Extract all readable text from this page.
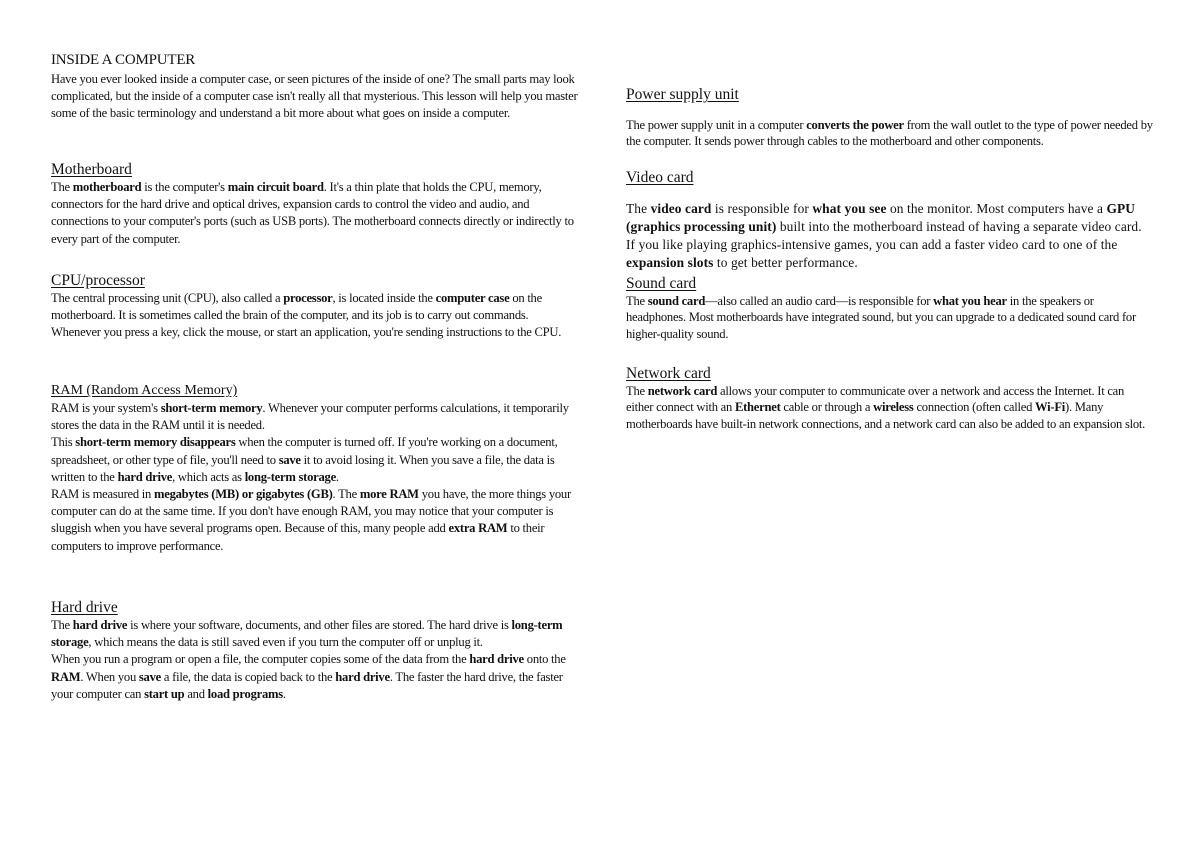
INSIDE A COMPUTER

Have you ever looked inside a computer case, or seen pictures of the inside of one? The small parts may look complicated, but the inside of a computer case isn't really all that mysterious. This lesson will help you master some of the basic terminology and understand a bit more about what goes on inside a computer.

Motherboard

The motherboard is the computer's main circuit board. It's a thin plate that holds the CPU, memory, connectors for the hard drive and optical drives, expansion cards to control the video and audio, and connections to your computer's ports (such as USB ports). The motherboard connects directly or indirectly to every part of the computer.

CPU/processor

The central processing unit (CPU), also called a processor, is located inside the computer case on the motherboard. It is sometimes called the brain of the computer, and its job is to carry out commands. Whenever you press a key, click the mouse, or start an application, you're sending instructions to the CPU.

RAM (Random Access Memory)

RAM is your system's short-term memory. Whenever your computer performs calculations, it temporarily stores the data in the RAM until it is needed.

This short-term memory disappears when the computer is turned off. If you're working on a document, spreadsheet, or other type of file, you'll need to save it to avoid losing it. When you save a file, the data is written to the hard drive, which acts as long-term storage.

RAM is measured in megabytes (MB) or gigabytes (GB). The more RAM you have, the more things your computer can do at the same time. If you don't have enough RAM, you may notice that your computer is sluggish when you have several programs open. Because of this, many people add extra RAM to their computers to improve performance.

Hard drive

The hard drive is where your software, documents, and other files are stored. The hard drive is long-term storage, which means the data is still saved even if you turn the computer off or unplug it.

When you run a program or open a file, the computer copies some of the data from the hard drive onto the RAM. When you save a file, the data is copied back to the hard drive. The faster the hard drive, the faster your computer can start up and load programs.

Power supply unit

The power supply unit in a computer converts the power from the wall outlet to the type of power needed by the computer. It sends power through cables to the motherboard and other components.

Video card

The video card is responsible for what you see on the monitor. Most computers have a GPU (graphics processing unit) built into the motherboard instead of having a separate video card. If you like playing graphics-intensive games, you can add a faster video card to one of the expansion slots to get better performance.

Sound card

The sound card—also called an audio card—is responsible for what you hear in the speakers or headphones. Most motherboards have integrated sound, but you can upgrade to a dedicated sound card for higher-quality sound.

Network card

The network card allows your computer to communicate over a network and access the Internet. It can either connect with an Ethernet cable or through a wireless connection (often called Wi-Fi). Many motherboards have built-in network connections, and a network card can also be added to an expansion slot.
